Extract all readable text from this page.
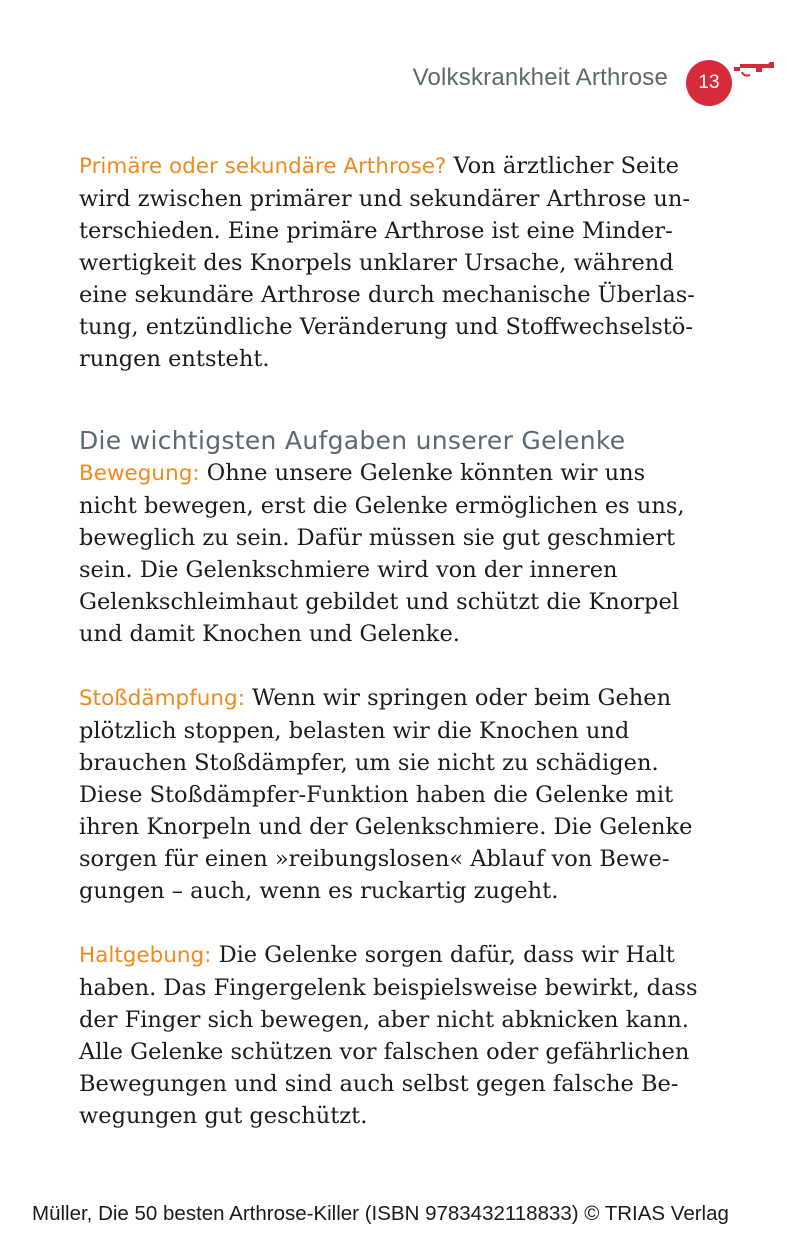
Volkskrankheit Arthrose 13

Primäre oder sekundäre Arthrose? Von ärztlicher Seite
wird zwischen primärer und sekundärer Arthrose un-
terschieden. Eine primäre Arthrose ist eine Minder-
wertigkeit des Knorpels unklarer Ursache, während
eine sekundäre Arthrose durch mechanische Überlas-
tung, entzündliche Veränderung und Stoffwechselstö-
rungen entsteht.

Die wichtigsten Aufgaben unserer Gelenke

Bewegung: Ohne unsere Gelenke könnten wir uns
nicht bewegen, erst die Gelenke ermöglichen es uns,
beweglich zu sein. Dafür müssen sie gut geschmiert
sein. Die Gelenkschmiere wird von der inneren
Gelenkschleimhaut gebildet und schützt die Knorpel
und damit Knochen und Gelenke.

Stoßdämpfung: Wenn wir springen oder beim Gehen
plötzlich stoppen, belasten wir die Knochen und
brauchen Stoßdämpfer, um sie nicht zu schädigen.
Diese Stoßdämpfer-Funktion haben die Gelenke mit
ihren Knorpeln und der Gelenkschmiere. Die Gelenke
sorgen für einen »reibungslosen« Ablauf von Bewe-
gungen – auch, wenn es ruckartig zugeht.

Haltgebung: Die Gelenke sorgen dafür, dass wir Halt
haben. Das Fingergelenk beispielsweise bewirkt, dass
der Finger sich bewegen, aber nicht abknicken kann.
Alle Gelenke schützen vor falschen oder gefährlichen
Bewegungen und sind auch selbst gegen falsche Be-
wegungen gut geschützt.

Müller, Die 50 besten Arthrose-Killer (ISBN 9783432118833) © TRIAS Verlag
